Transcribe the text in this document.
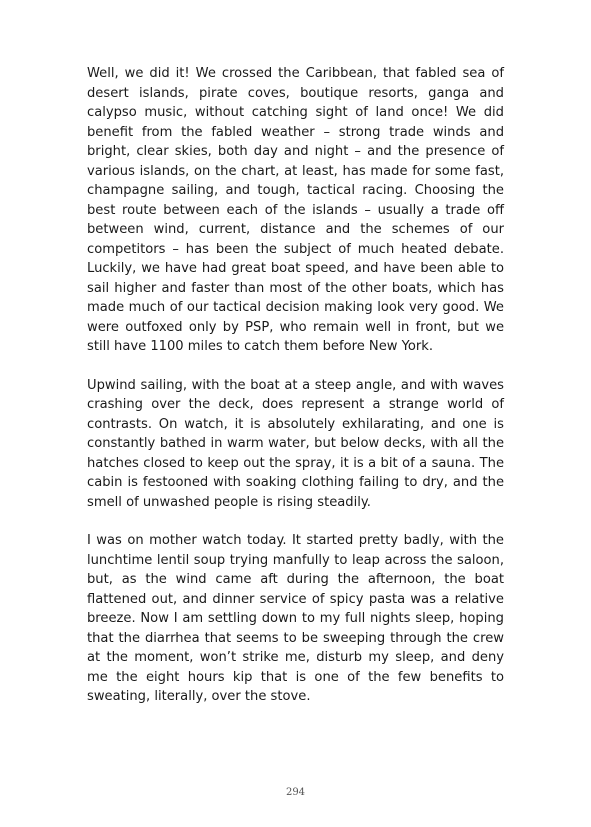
Well, we did it! We crossed the Caribbean, that fabled sea of desert islands, pirate coves, boutique resorts, ganga and calypso music, without catching sight of land once! We did benefit from the fabled weather – strong trade winds and bright, clear skies, both day and night – and the presence of various islands, on the chart, at least, has made for some fast, champagne sailing, and tough, tactical racing. Choosing the best route between each of the islands – usually a trade off between wind, current, distance and the schemes of our competitors – has been the subject of much heated debate. Luckily, we have had great boat speed, and have been able to sail higher and faster than most of the other boats, which has made much of our tactical decision making look very good. We were outfoxed only by PSP, who remain well in front, but we still have 1100 miles to catch them before New York.

Upwind sailing, with the boat at a steep angle, and with waves crashing over the deck, does represent a strange world of contrasts. On watch, it is absolutely exhilarating, and one is constantly bathed in warm water, but below decks, with all the hatches closed to keep out the spray, it is a bit of a sauna. The cabin is festooned with soaking clothing failing to dry, and the smell of unwashed people is rising steadily.

I was on mother watch today. It started pretty badly, with the lunchtime lentil soup trying manfully to leap across the saloon, but, as the wind came aft during the afternoon, the boat flattened out, and dinner service of spicy pasta was a relative breeze. Now I am settling down to my full nights sleep, hoping that the diarrhea that seems to be sweeping through the crew at the moment, won’t strike me, disturb my sleep, and deny me the eight hours kip that is one of the few benefits to sweating, literally, over the stove.

294
